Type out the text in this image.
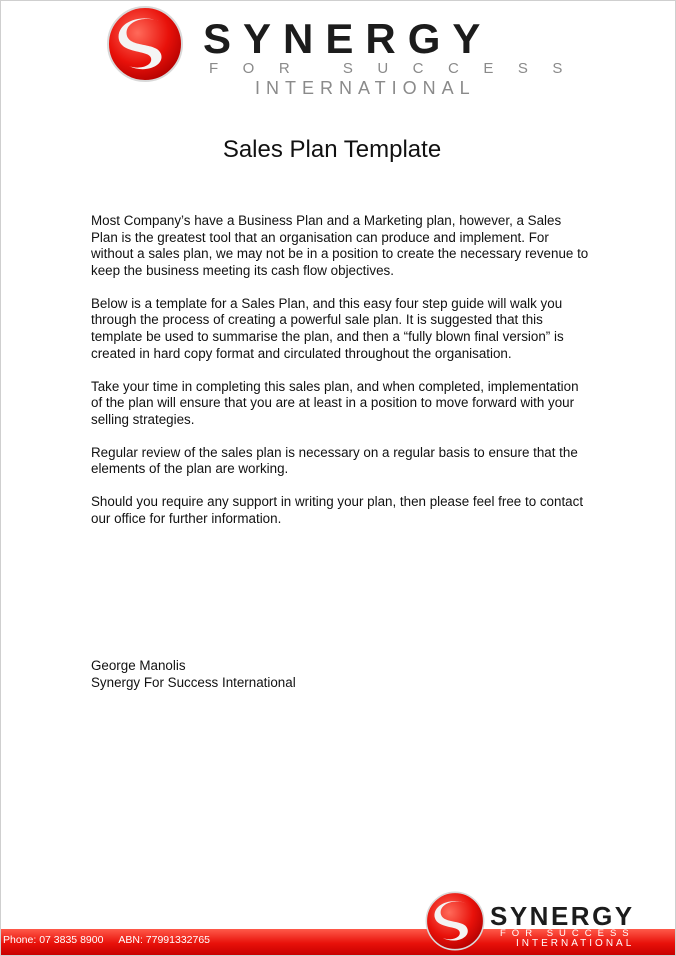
SYNERGY
FOR SUCCESS
INTERNATIONAL
Sales Plan Template

Most Company’s have a Business Plan and a Marketing plan, however, a Sales Plan is the greatest tool that an organisation can produce and implement. For without a sales plan, we may not be in a position to create the necessary revenue to keep the business meeting its cash flow objectives.

Below is a template for a Sales Plan, and this easy four step guide will walk you through the process of creating a powerful sale plan. It is suggested that this template be used to summarise the plan, and then a “fully blown final version” is created in hard copy format and circulated throughout the organisation.

Take your time in completing this sales plan, and when completed, implementation of the plan will ensure that you are at least in a position to move forward with your selling strategies.

Regular review of the sales plan is necessary on a regular basis to ensure that the elements of the plan are working.

Should you require any support in writing your plan, then please feel free to contact our office for further information.

George Manolis
Synergy For Success International
Phone: 07 3835 8900 ABN: 77991332765
SYNERGY
FOR SUCCESS
INTERNATIONAL
